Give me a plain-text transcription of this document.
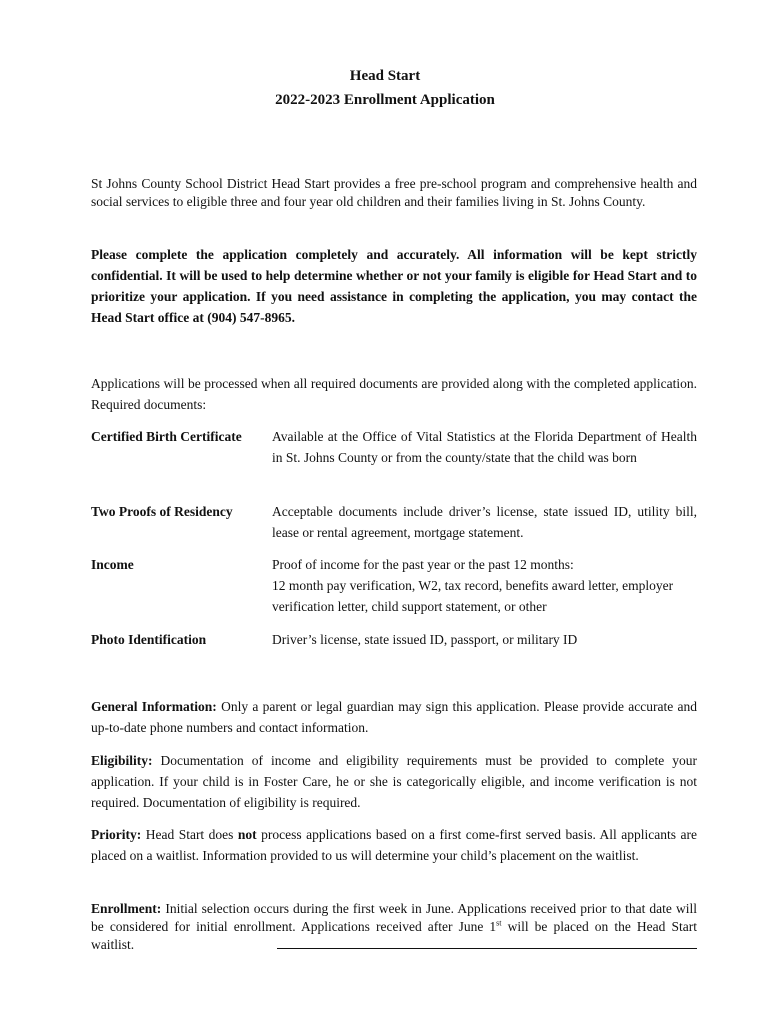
Head Start
2022-2023 Enrollment Application
St Johns County School District Head Start provides a free pre-school program and comprehensive health and social services to eligible three and four year old children and their families living in St. Johns County.
Please complete the application completely and accurately. All information will be kept strictly confidential. It will be used to help determine whether or not your family is eligible for Head Start and to prioritize your application. If you need assistance in completing the application, you may contact the Head Start office at (904) 547-8965.
Applications will be processed when all required documents are provided along with the completed application. Required documents:
Certified Birth Certificate	Available at the Office of Vital Statistics at the Florida Department of Health in St. Johns County or from the county/state that the child was born
Two Proofs of Residency	Acceptable documents include driver’s license, state issued ID, utility bill, lease or rental agreement, mortgage statement.
Income	Proof of income for the past year or the past 12 months:
12 month pay verification, W2, tax record, benefits award letter, employer verification letter, child support statement, or other
Photo Identification	Driver’s license, state issued ID, passport, or military ID
General Information: Only a parent or legal guardian may sign this application. Please provide accurate and up-to-date phone numbers and contact information.
Eligibility: Documentation of income and eligibility requirements must be provided to complete your application. If your child is in Foster Care, he or she is categorically eligible, and income verification is not required. Documentation of eligibility is required.
Priority: Head Start does not process applications based on a first come-first served basis. All applicants are placed on a waitlist. Information provided to us will determine your child’s placement on the waitlist.
Enrollment: Initial selection occurs during the first week in June. Applications received prior to that date will be considered for initial enrollment. Applications received after June 1st will be placed on the Head Start waitlist.
